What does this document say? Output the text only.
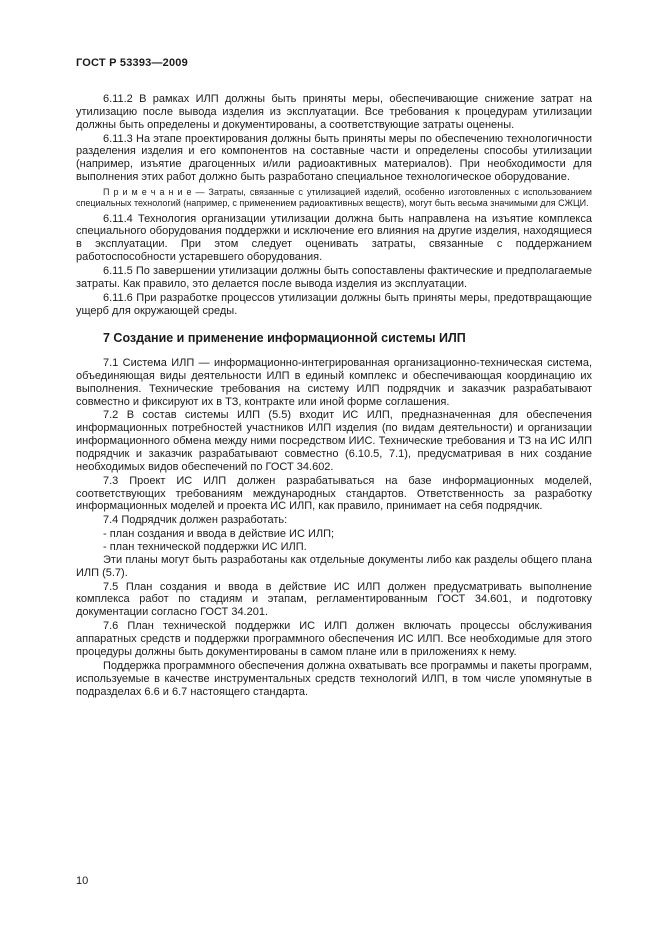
ГОСТ Р 53393—2009

6.11.2 В рамках ИЛП должны быть приняты меры, обеспечивающие снижение затрат на утилизацию после вывода изделия из эксплуатации. Все требования к процедурам утилизации должны быть определены и документированы, а соответствующие затраты оценены.

6.11.3 На этапе проектирования должны быть приняты меры по обеспечению технологичности разделения изделия и его компонентов на составные части и определены способы утилизации (например, изъятие драгоценных и/или радиоактивных материалов). При необходимости для выполнения этих работ должно быть разработано специальное технологическое оборудование.

П р и м е ч а н и е — Затраты, связанные с утилизацией изделий, особенно изготовленных с использованием специальных технологий (например, с применением радиоактивных веществ), могут быть весьма значимыми для СЖЦИ.

6.11.4 Технология организации утилизации должна быть направлена на изъятие комплекса специального оборудования поддержки и исключение его влияния на другие изделия, находящиеся в эксплуатации. При этом следует оценивать затраты, связанные с поддержанием работоспособности устаревшего оборудования.

6.11.5 По завершении утилизации должны быть сопоставлены фактические и предполагаемые затраты. Как правило, это делается после вывода изделия из эксплуатации.

6.11.6 При разработке процессов утилизации должны быть приняты меры, предотвращающие ущерб для окружающей среды.

7 Создание и применение информационной системы ИЛП

7.1 Система ИЛП — информационно-интегрированная организационно-техническая система, объединяющая виды деятельности ИЛП в единый комплекс и обеспечивающая координацию их выполнения. Технические требования на систему ИЛП подрядчик и заказчик разрабатывают совместно и фиксируют их в ТЗ, контракте или иной форме соглашения.

7.2 В состав системы ИЛП (5.5) входит ИС ИЛП, предназначенная для обеспечения информационных потребностей участников ИЛП изделия (по видам деятельности) и организации информационного обмена между ними посредством ИИС. Технические требования и ТЗ на ИС ИЛП подрядчик и заказчик разрабатывают совместно (6.10.5, 7.1), предусматривая в них создание необходимых видов обеспечений по ГОСТ 34.602.

7.3 Проект ИС ИЛП должен разрабатываться на базе информационных моделей, соответствующих требованиям международных стандартов. Ответственность за разработку информационных моделей и проекта ИС ИЛП, как правило, принимает на себя подрядчик.

7.4 Подрядчик должен разработать:

- план создания и ввода в действие ИС ИЛП;

- план технической поддержки ИС ИЛП.

Эти планы могут быть разработаны как отдельные документы либо как разделы общего плана ИЛП (5.7).

7.5 План создания и ввода в действие ИС ИЛП должен предусматривать выполнение комплекса работ по стадиям и этапам, регламентированным ГОСТ 34.601, и подготовку документации согласно ГОСТ 34.201.

7.6 План технической поддержки ИС ИЛП должен включать процессы обслуживания аппаратных средств и поддержки программного обеспечения ИС ИЛП. Все необходимые для этого процедуры должны быть документированы в самом плане или в приложениях к нему.

Поддержка программного обеспечения должна охватывать все программы и пакеты программ, используемые в качестве инструментальных средств технологий ИЛП, в том числе упомянутые в подразделах 6.6 и 6.7 настоящего стандарта.

10
